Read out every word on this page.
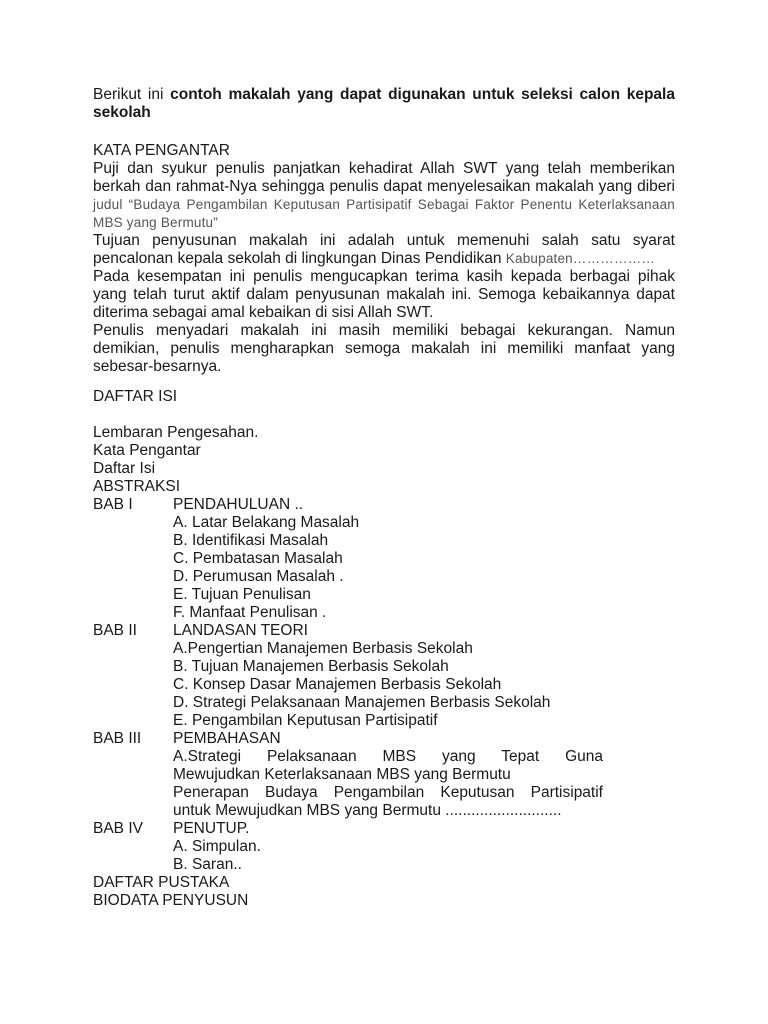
Berikut ini contoh makalah yang dapat digunakan untuk seleksi calon kepala sekolah

KATA PENGANTAR

Puji dan syukur penulis panjatkan kehadirat Allah SWT yang telah memberikan berkah dan rahmat-Nya sehingga penulis dapat menyelesaikan makalah yang diberi judul “Budaya Pengambilan Keputusan Partisipatif Sebagai Faktor Penentu Keterlaksanaan MBS yang Bermutu”

Tujuan penyusunan makalah ini adalah untuk memenuhi salah satu syarat pencalonan kepala sekolah di lingkungan Dinas Pendidikan Kabupaten………………

Pada kesempatan ini penulis mengucapkan terima kasih kepada berbagai pihak yang telah turut aktif dalam penyusunan makalah ini. Semoga kebaikannya dapat diterima sebagai amal kebaikan di sisi Allah SWT.

Penulis menyadari makalah ini masih memiliki bebagai kekurangan. Namun demikian, penulis mengharapkan semoga makalah ini memiliki manfaat yang sebesar-besarnya.

DAFTAR ISI

Lembaran Pengesahan.
Kata Pengantar
Daftar Isi
ABSTRAKSI
BAB I	PENDAHULUAN ..
A. Latar Belakang Masalah
B. Identifikasi Masalah
C. Pembatasan Masalah
D. Perumusan Masalah .
E. Tujuan Penulisan
F. Manfaat Penulisan .
BAB II	LANDASAN TEORI
A.Pengertian Manajemen Berbasis Sekolah
B. Tujuan Manajemen Berbasis Sekolah
C. Konsep Dasar Manajemen Berbasis Sekolah
D. Strategi Pelaksanaan Manajemen Berbasis Sekolah
E. Pengambilan Keputusan Partisipatif
BAB III	PEMBAHASAN
A.Strategi Pelaksanaan MBS yang Tepat Guna
Mewujudkan Keterlaksanaan MBS yang Bermutu
Penerapan Budaya Pengambilan Keputusan Partisipatif
untuk Mewujudkan MBS yang Bermutu ...........................
BAB IV	PENUTUP.
A. Simpulan.
B. Saran..
DAFTAR PUSTAKA
BIODATA PENYUSUN
